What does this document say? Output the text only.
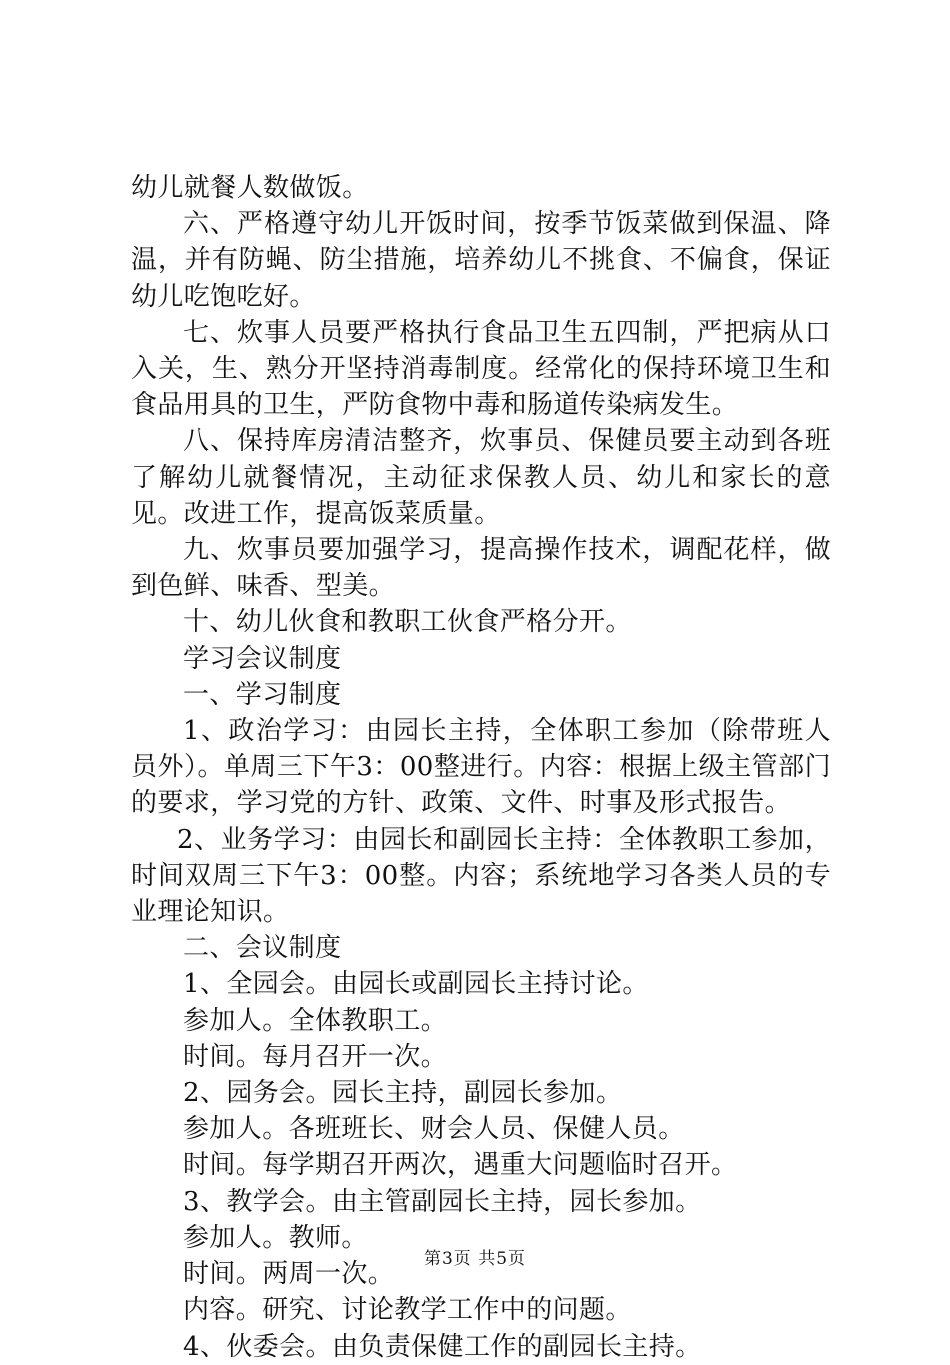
幼儿就餐人数做饭。

六、严格遵守幼儿开饭时间，按季节饭菜做到保温、降温，并有防蝇、防尘措施，培养幼儿不挑食、不偏食，保证幼儿吃饱吃好。

七、炊事人员要严格执行食品卫生五四制，严把病从口入关，生、熟分开坚持消毒制度。经常化的保持环境卫生和食品用具的卫生，严防食物中毒和肠道传染病发生。

八、保持库房清洁整齐，炊事员、保健员要主动到各班了解幼儿就餐情况，主动征求保教人员、幼儿和家长的意见。改进工作，提高饭菜质量。

九、炊事员要加强学习，提高操作技术，调配花样，做到色鲜、味香、型美。

十、幼儿伙食和教职工伙食严格分开。

学习会议制度

一、学习制度

1、政治学习：由园长主持，全体职工参加（除带班人员外）。单周三下午3：00整进行。内容：根据上级主管部门的要求，学习党的方针、政策、文件、时事及形式报告。

2、业务学习：由园长和副园长主持：全体教职工参加，时间双周三下午3：00整。内容；系统地学习各类人员的专业理论知识。

二、会议制度

1、全园会。由园长或副园长主持讨论。

参加人。全体教职工。

时间。每月召开一次。

2、园务会。园长主持，副园长参加。

参加人。各班班长、财会人员、保健人员。

时间。每学期召开两次，遇重大问题临时召开。

3、教学会。由主管副园长主持，园长参加。

参加人。教师。

时间。两周一次。

内容。研究、讨论教学工作中的问题。

4、伙委会。由负责保健工作的副园长主持。

第3页 共5页
